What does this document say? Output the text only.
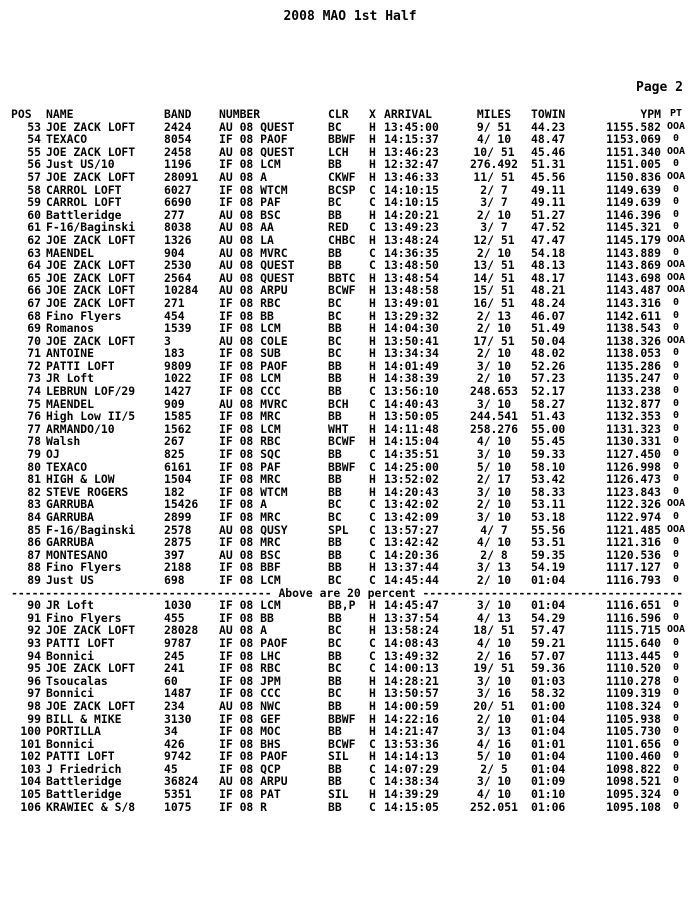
2008 MAO 1st Half
Page 2
POS	NAME	BAND	NUMBER	CLR	X ARRIVAL	MILES	TOWIN	YPM PT
53 JOE ZACK LOFT	2424	AU 08 QUEST	BC	H 13:45:00	9/ 51	44.23	1155.582 OOA
54 TEXACO	8054	IF 08 PAOF	BBWF	H 14:15:37	4/ 10	48.47	1153.069	0
55 JOE ZACK LOFT	2458	AU 08 QUEST	LCH	H 13:46:23	10/ 51	45.46	1151.340 OOA
56 Just US/10	1196	IF 08 LCM	BB	H 12:32:47	276.492	51.31	1151.005	0
57 JOE ZACK LOFT	28091	AU 08 A	CKWF	H 13:46:33	11/ 51	45.56	1150.836 OOA
58 CARROL LOFT	6027	IF 08 WTCM	BCSP	C 14:10:15	2/ 7	49.11	1149.639	0
59 CARROL LOFT	6690	IF 08 PAF	BC	C 14:10:15	3/ 7	49.11	1149.639	0
60 Battleridge	277	AU 08 BSC	BB	H 14:20:21	2/ 10	51.27	1146.396	0
61 F-16/Baginski	8038	AU 08 AA	RED	C 13:49:23	3/ 7	47.52	1145.321	0
62 JOE ZACK LOFT	1326	AU 08 LA	CHBC	H 13:48:24	12/ 51	47.47	1145.179 OOA
63 MAENDEL	904	AU 08 MVRC	BB	C 14:36:35	2/ 10	54.18	1143.889	0
64 JOE ZACK LOFT	2530	AU 08 QUEST	BB	C 13:48:50	13/ 51	48.13	1143.869 OOA
65 JOE ZACK LOFT	2564	AU 08 QUEST	BBTC	H 13:48:54	14/ 51	48.17	1143.698 OOA
66 JOE ZACK LOFT	10284	AU 08 ARPU	BCWF	H 13:48:58	15/ 51	48.21	1143.487 OOA
67 JOE ZACK LOFT	271	IF 08 RBC	BC	H 13:49:01	16/ 51	48.24	1143.316	0
68 Fino Flyers	454	IF 08 BB	BC	H 13:29:32	2/ 13	46.07	1142.611	0
69 Romanos	1539	IF 08 LCM	BB	H 14:04:30	2/ 10	51.49	1138.543	0
70 JOE ZACK LOFT	3	AU 08 COLE	BC	H 13:50:41	17/ 51	50.04	1138.326 OOA
71 ANTOINE	183	IF 08 SUB	BC	H 13:34:34	2/ 10	48.02	1138.053	0
72 PATTI LOFT	9809	IF 08 PAOF	BB	H 14:01:49	3/ 10	52.26	1135.286	0
73 JR Loft	1022	IF 08 LCM	BB	H 14:38:39	2/ 10	57.23	1135.247	0
74 LEBRUN LOF/29	1427	IF 08 CCC	BB	C 13:56:10	248.653	52.17	1133.238	0
75 MAENDEL	909	AU 08 MVRC	BCH	C 14:40:43	3/ 10	58.27	1132.877	0
76 High Low II/5	1585	IF 08 MRC	BB	H 13:50:05	244.541	51.43	1132.353	0
77 ARMANDO/10	1562	IF 08 LCM	WHT	H 14:11:48	258.276	55.00	1131.323	0
78 Walsh	267	IF 08 RBC	BCWF	H 14:15:04	4/ 10	55.45	1130.331	0
79 OJ	825	IF 08 SQC	BB	C 14:35:51	3/ 10	59.33	1127.450	0
80 TEXACO	6161	IF 08 PAF	BBWF	C 14:25:00	5/ 10	58.10	1126.998	0
81 HIGH & LOW	1504	IF 08 MRC	BB	H 13:52:02	2/ 17	53.42	1126.473	0
82 STEVE ROGERS	182	IF 08 WTCM	BB	H 14:20:43	3/ 10	58.33	1123.843	0
83 GARRUBA	15426	IF 08 A	BC	C 13:42:02	2/ 10	53.11	1122.326 OOA
84 GARRUBA	2899	IF 08 MRC	BC	C 13:42:09	3/ 10	53.18	1122.974	0
85 F-16/Baginski	2578	AU 08 QUSY	SPL	C 13:57:27	4/ 7	55.56	1121.485 OOA
86 GARRUBA	2875	IF 08 MRC	BB	C 13:42:42	4/ 10	53.51	1121.316	0
87 MONTESANO	397	AU 08 BSC	BB	C 14:20:36	2/ 8	59.35	1120.536	0
88 Fino Flyers	2188	IF 08 BBF	BB	H 13:37:44	3/ 13	54.19	1117.127	0
89 Just US	698	IF 08 LCM	BC	C 14:45:44	2/ 10	01:04	1116.793	0
-------------------------------------- Above are 20 percent --------------------------------------
90 JR Loft	1030	IF 08 LCM	BB,P	H 14:45:47	3/ 10	01:04	1116.651	0
91 Fino Flyers	455	IF 08 BB	BB	H 13:37:54	4/ 13	54.29	1116.596	0
92 JOE ZACK LOFT	28028	AU 08 A	BC	H 13:58:24	18/ 51	57.47	1115.715 OOA
93 PATTI LOFT	9787	IF 08 PAOF	BC	C 14:08:43	4/ 10	59.21	1115.640	0
94 Bonnici	245	IF 08 LHC	BB	C 13:49:32	2/ 16	57.07	1113.445	0
95 JOE ZACK LOFT	241	IF 08 RBC	BC	C 14:00:13	19/ 51	59.36	1110.520	0
96 Tsoucalas	60	IF 08 JPM	BB	H 14:28:21	3/ 10	01:03	1110.278	0
97 Bonnici	1487	IF 08 CCC	BC	H 13:50:57	3/ 16	58.32	1109.319	0
98 JOE ZACK LOFT	234	AU 08 NWC	BB	H 14:00:59	20/ 51	01:00	1108.324	0
99 BILL & MIKE	3130	IF 08 GEF	BBWF	H 14:22:16	2/ 10	01:04	1105.938	0
100 PORTILLA	34	IF 08 MOC	BB	H 14:21:47	3/ 13	01:04	1105.730	0
101 Bonnici	426	IF 08 BHS	BCWF	C 13:53:36	4/ 16	01:01	1101.656	0
102 PATTI LOFT	9742	IF 08 PAOF	SIL	H 14:14:13	5/ 10	01:04	1100.460	0
103 J Friedrich	45	IF 08 QCP	BB	C 14:07:29	2/ 5	01:04	1098.822	0
104 Battleridge	36824	AU 08 ARPU	BB	C 14:38:34	3/ 10	01:09	1098.521	0
105 Battleridge	5351	IF 08 PAT	SIL	H 14:39:29	4/ 10	01:10	1095.324	0
106 KRAWIEC & S/8	1075	IF 08 R	BB	C 14:15:05	252.051	01:06	1095.108	0
